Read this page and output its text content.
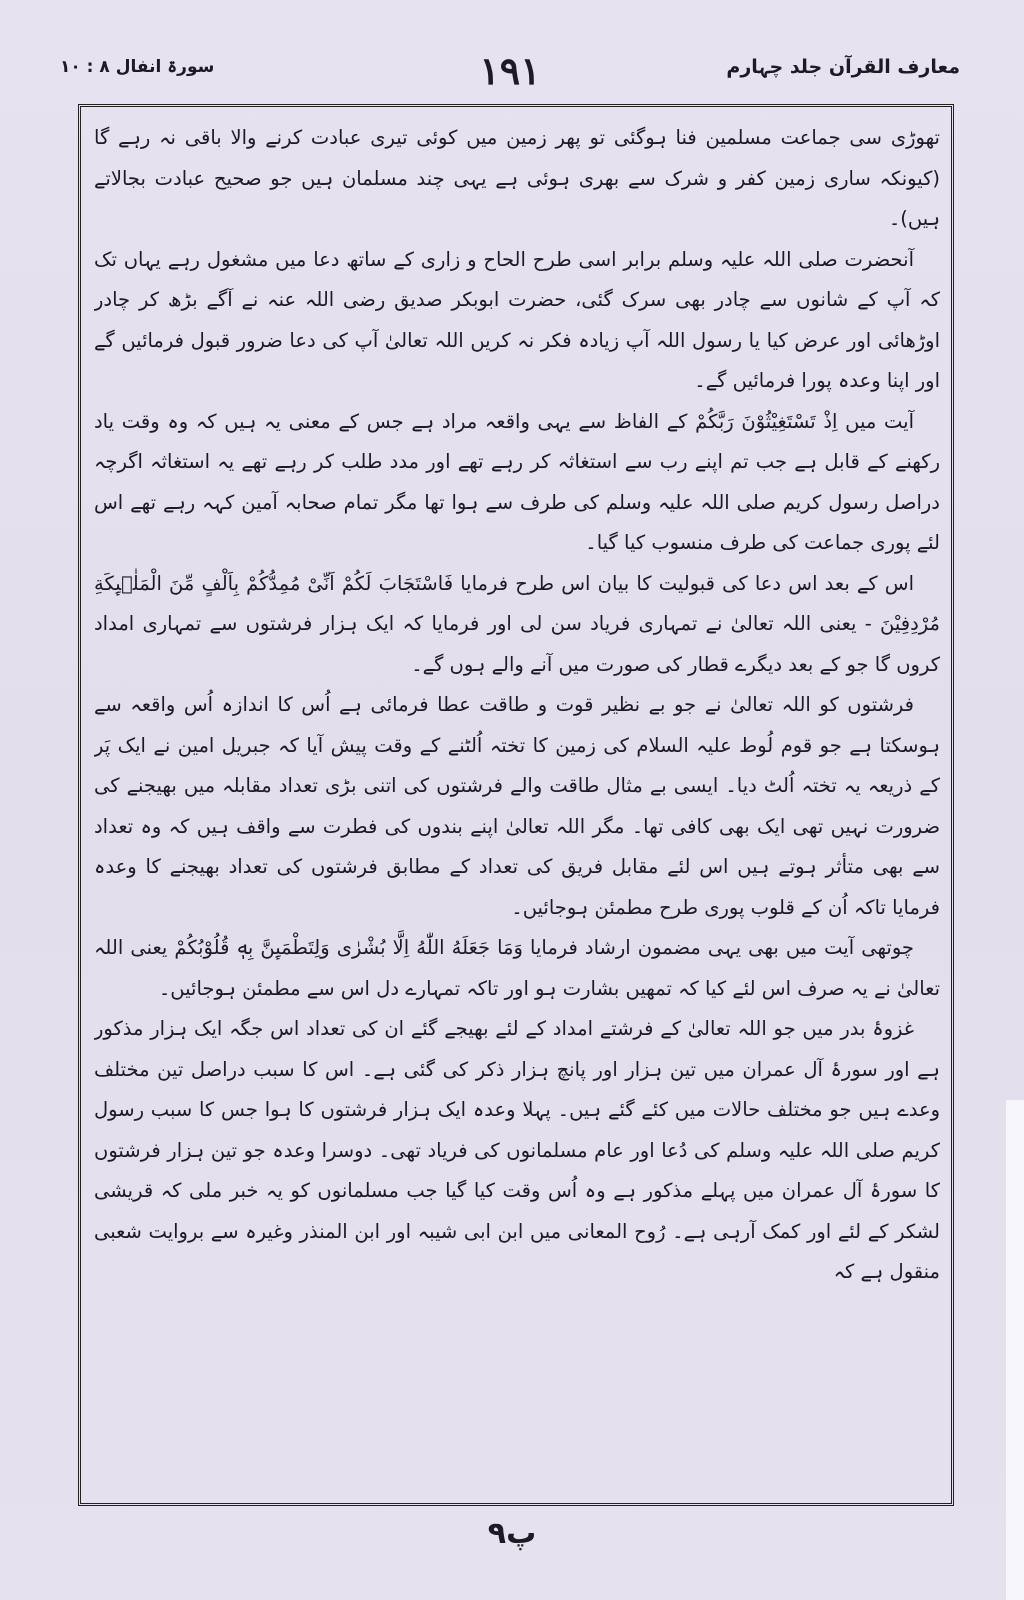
معارف القرآن جلد چہارم
۱۹۱
سورۃ انفال ۸ : ۱۰

تھوڑی سی جماعت مسلمین فنا ہوگئی تو پھر زمین میں کوئی تیری عبادت کرنے والا باقی نہ رہے گا (کیونکہ ساری زمین کفر و شرک سے بھری ہوئی ہے یہی چند مسلمان ہیں جو صحیح عبادت بجالاتے ہیں)۔

آنحضرت صلی اللہ علیہ وسلم برابر اسی طرح الحاح و زاری کے ساتھ دعا میں مشغول رہے یہاں تک کہ آپ کے شانوں سے چادر بھی سرک گئی، حضرت ابوبکر صدیق رضی اللہ عنہ نے آگے بڑھ کر چادر اوڑھائی اور عرض کیا یا رسول اللہ آپ زیادہ فکر نہ کریں اللہ تعالیٰ آپ کی دعا ضرور قبول فرمائیں گے اور اپنا وعدہ پورا فرمائیں گے۔

آیت میں اِذْ تَسْتَغِيْثُوْنَ رَبَّكُمْ کے الفاظ سے یہی واقعہ مراد ہے جس کے معنی یہ ہیں کہ وہ وقت یاد رکھنے کے قابل ہے جب تم اپنے رب سے استغاثہ کر رہے تھے اور مدد طلب کر رہے تھے یہ استغاثہ اگرچہ دراصل رسول کریم صلی اللہ علیہ وسلم کی طرف سے ہوا تھا مگر تمام صحابہ آمین کہہ رہے تھے اس لئے پوری جماعت کی طرف منسوب کیا گیا۔

اس کے بعد اس دعا کی قبولیت کا بیان اس طرح فرمایا فَاسْتَجَابَ لَكُمْ اَنِّىْ مُمِدُّكُمْ بِاَلْفٍ مِّنَ الْمَلٰۗىِٕكَةِ مُرْدِفِيْنَ - یعنی اللہ تعالیٰ نے تمہاری فریاد سن لی اور فرمایا کہ ایک ہزار فرشتوں سے تمہاری امداد کروں گا جو کے بعد دیگرے قطار کی صورت میں آنے والے ہوں گے۔

فرشتوں کو اللہ تعالیٰ نے جو بے نظیر قوت و طاقت عطا فرمائی ہے اُس کا اندازہ اُس واقعہ سے ہوسکتا ہے جو قوم لُوط علیہ السلام کی زمین کا تختہ اُلٹنے کے وقت پیش آیا کہ جبریل امین نے ایک پَر کے ذریعہ یہ تختہ اُلٹ دیا۔ ایسی بے مثال طاقت والے فرشتوں کی اتنی بڑی تعداد مقابلہ میں بھیجنے کی ضرورت نہیں تھی ایک بھی کافی تھا۔ مگر اللہ تعالیٰ اپنے بندوں کی فطرت سے واقف ہیں کہ وہ تعداد سے بھی متأثر ہوتے ہیں اس لئے مقابل فریق کی تعداد کے مطابق فرشتوں کی تعداد بھیجنے کا وعدہ فرمایا تاکہ اُن کے قلوب پوری طرح مطمئن ہوجائیں۔

چوتھی آیت میں بھی یہی مضمون ارشاد فرمایا وَمَا جَعَلَهُ اللّٰهُ اِلَّا بُشْرٰى وَلِتَطْمَىِٕنَّ بِهٖ قُلُوْبُكُمْ یعنی اللہ تعالیٰ نے یہ صرف اس لئے کیا کہ تمھیں بشارت ہو اور تاکہ تمہارے دل اس سے مطمئن ہوجائیں۔

غزوۂ بدر میں جو اللہ تعالیٰ کے فرشتے امداد کے لئے بھیجے گئے ان کی تعداد اس جگہ ایک ہزار مذکور ہے اور سورۂ آل عمران میں تین ہزار اور پانچ ہزار ذکر کی گئی ہے۔ اس کا سبب دراصل تین مختلف وعدے ہیں جو مختلف حالات میں کئے گئے ہیں۔ پہلا وعدہ ایک ہزار فرشتوں کا ہوا جس کا سبب رسول کریم صلی اللہ علیہ وسلم کی دُعا اور عام مسلمانوں کی فریاد تھی۔ دوسرا وعدہ جو تین ہزار فرشتوں کا سورۂ آل عمران میں پہلے مذکور ہے وہ اُس وقت کیا گیا جب مسلمانوں کو یہ خبر ملی کہ قریشی لشکر کے لئے اور کمک آرہی ہے۔ رُوح المعانی میں ابن ابی شیبہ اور ابن المنذر وغیرہ سے بروایت شعبی منقول ہے کہ

۹پ
